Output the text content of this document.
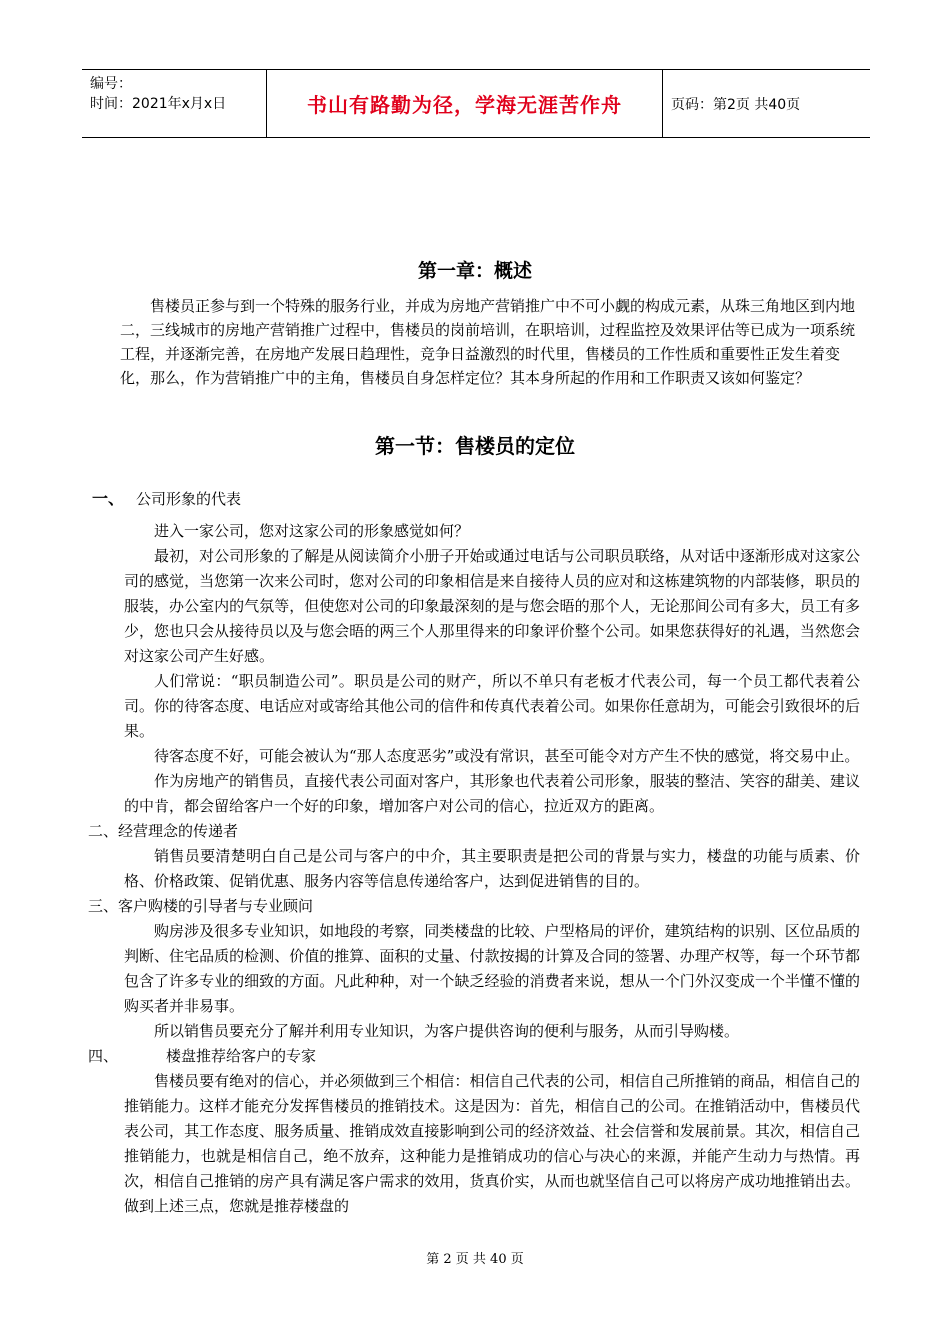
编号：
时间：2021年x月x日	书山有路勤为径，学海无涯苦作舟	页码：第2页 共40页
第一章：概述

售楼员正参与到一个特殊的服务行业，并成为房地产营销推广中不可小觑的构成元素，从珠三角地区到内地二，三线城市的房地产营销推广过程中，售楼员的岗前培训，在职培训，过程监控及效果评估等已成为一项系统工程，并逐渐完善，在房地产发展日趋理性，竞争日益激烈的时代里，售楼员的工作性质和重要性正发生着变化，那么，作为营销推广中的主角，售楼员自身怎样定位？其本身所起的作用和工作职责又该如何鉴定？

第一节：售楼员的定位
一、 公司形象的代表

进入一家公司，您对这家公司的形象感觉如何？

最初，对公司形象的了解是从阅读简介小册子开始或通过电话与公司职员联络，从对话中逐渐形成对这家公司的感觉，当您第一次来公司时，您对公司的印象相信是来自接待人员的应对和这栋建筑物的内部装修，职员的服装，办公室内的气氛等，但使您对公司的印象最深刻的是与您会晤的那个人，无论那间公司有多大，员工有多少，您也只会从接待员以及与您会晤的两三个人那里得来的印象评价整个公司。如果您获得好的礼遇，当然您会对这家公司产生好感。

人们常说：“职员制造公司”。职员是公司的财产，所以不单只有老板才代表公司，每一个员工都代表着公司。你的待客态度、电话应对或寄给其他公司的信件和传真代表着公司。如果你任意胡为，可能会引致很坏的后果。

待客态度不好，可能会被认为“那人态度恶劣”或没有常识，甚至可能令对方产生不快的感觉，将交易中止。

作为房地产的销售员，直接代表公司面对客户，其形象也代表着公司形象，服装的整洁、笑容的甜美、建议的中肯，都会留给客户一个好的印象，增加客户对公司的信心，拉近双方的距离。

二、经营理念的传递者

销售员要清楚明白自己是公司与客户的中介，其主要职责是把公司的背景与实力，楼盘的功能与质素、价格、价格政策、促销优惠、服务内容等信息传递给客户，达到促进销售的目的。

三、客户购楼的引导者与专业顾问

购房涉及很多专业知识，如地段的考察，同类楼盘的比较、户型格局的评价，建筑结构的识别、区位品质的判断、住宅品质的检测、价值的推算、面积的丈量、付款按揭的计算及合同的签署、办理产权等，每一个环节都包含了许多专业的细致的方面。凡此种种，对一个缺乏经验的消费者来说，想从一个门外汉变成一个半懂不懂的购买者并非易事。

所以销售员要充分了解并利用专业知识，为客户提供咨询的便利与服务，从而引导购楼。

四、	楼盘推荐给客户的专家

售楼员要有绝对的信心，并必须做到三个相信：相信自己代表的公司，相信自己所推销的商品，相信自己的推销能力。这样才能充分发挥售楼员的推销技术。这是因为：首先，相信自己的公司。在推销活动中，售楼员代表公司，其工作态度、服务质量、推销成效直接影响到公司的经济效益、社会信誉和发展前景。其次，相信自己推销能力，也就是相信自己，绝不放弃，这种能力是推销成功的信心与决心的来源，并能产生动力与热情。再次，相信自己推销的房产具有满足客户需求的效用，货真价实，从而也就坚信自己可以将房产成功地推销出去。做到上述三点，您就是推荐楼盘的

第 2 页 共 40 页
